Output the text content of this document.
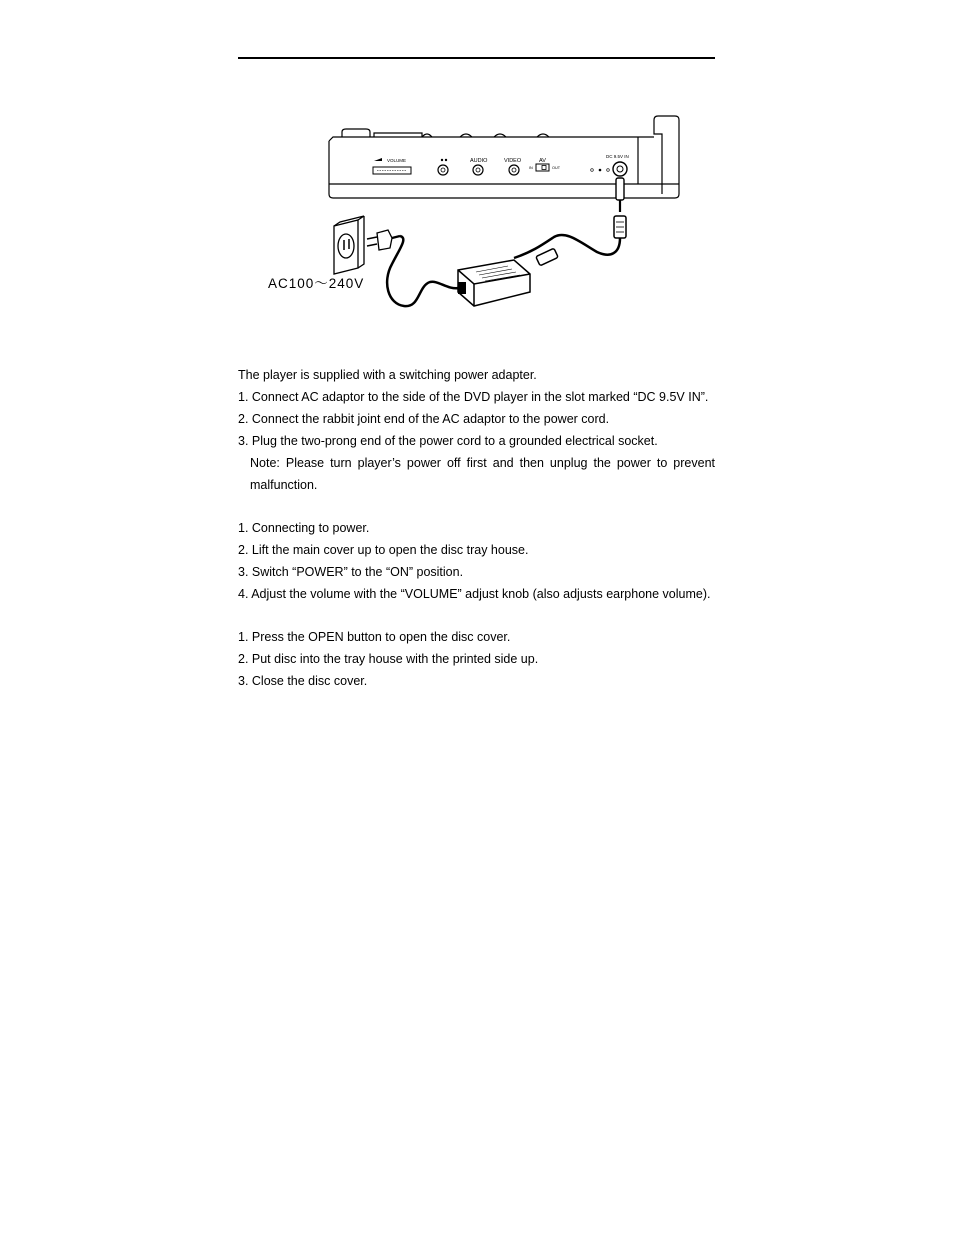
VOLUME	AUDIO	VIDEO	AV
IN	OUT
DC 9.5V IN
AC100～240V
The player is supplied with a switching power adapter.
1. Connect AC adaptor to the side of the DVD player in the slot marked “DC 9.5V IN”.
2. Connect the rabbit joint end of the AC adaptor to the power cord.
3. Plug the two-prong end of the power cord to a grounded electrical socket.
Note: Please turn player’s power off first and then unplug the power to prevent malfunction.
1. Connecting to power.
2. Lift the main cover up to open the disc tray house.
3. Switch “POWER” to the “ON” position.
4. Adjust the volume with the “VOLUME” adjust knob (also adjusts earphone volume).
1. Press the OPEN button to open the disc cover.
2. Put disc into the tray house with the printed side up.
3. Close the disc cover.
